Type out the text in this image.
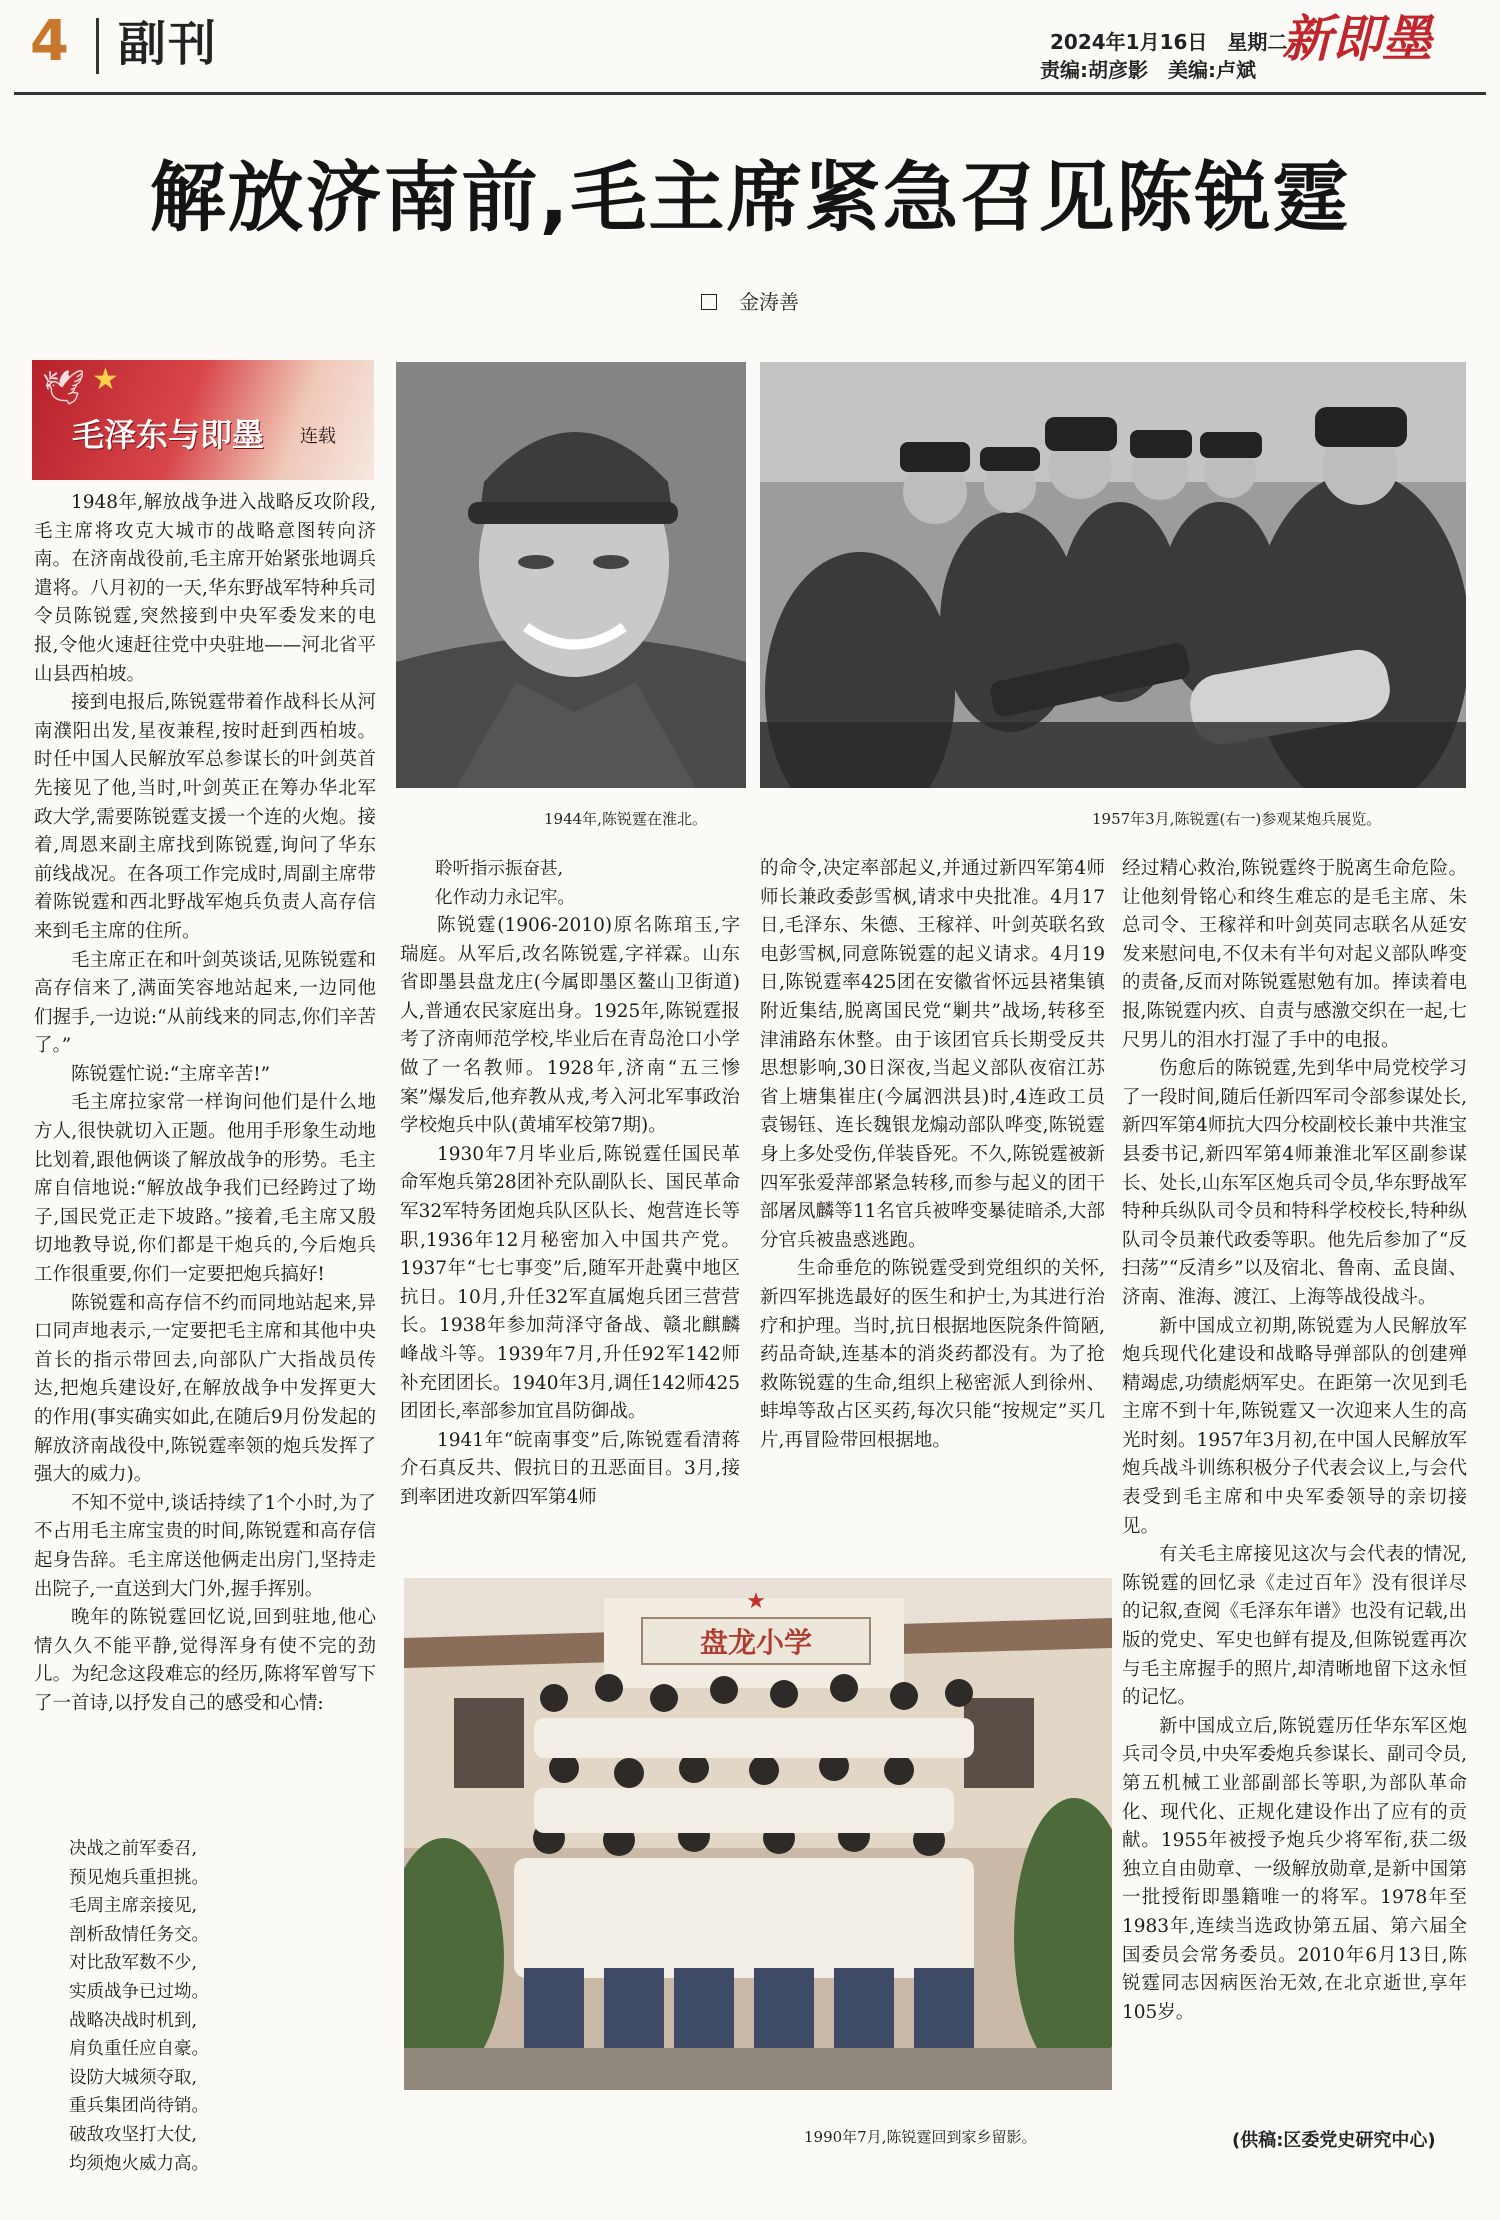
4 副刊	2024年1月16日　星期二
责编:胡彦影　美编:卢斌
新即墨
解放济南前,毛主席紧急召见陈锐霆
金涛善
🕊 ★
毛泽东与即墨 连载
1944年,陈锐霆在淮北。	1957年3月,陈锐霆(右一)参观某炮兵展览。

1948年,解放战争进入战略反攻阶段,毛主席将攻克大城市的战略意图转向济南。在济南战役前,毛主席开始紧张地调兵遣将。八月初的一天,华东野战军特种兵司令员陈锐霆,突然接到中央军委发来的电报,令他火速赶往党中央驻地——河北省平山县西柏坡。

接到电报后,陈锐霆带着作战科长从河南濮阳出发,星夜兼程,按时赶到西柏坡。时任中国人民解放军总参谋长的叶剑英首先接见了他,当时,叶剑英正在筹办华北军政大学,需要陈锐霆支援一个连的火炮。接着,周恩来副主席找到陈锐霆,询问了华东前线战况。在各项工作完成时,周副主席带着陈锐霆和西北野战军炮兵负责人高存信来到毛主席的住所。

毛主席正在和叶剑英谈话,见陈锐霆和高存信来了,满面笑容地站起来,一边同他们握手,一边说:“从前线来的同志,你们辛苦了。”

陈锐霆忙说:“主席辛苦!”

毛主席拉家常一样询问他们是什么地方人,很快就切入正题。他用手形象生动地比划着,跟他俩谈了解放战争的形势。毛主席自信地说:“解放战争我们已经跨过了坳子,国民党正走下坡路。”接着,毛主席又殷切地教导说,你们都是干炮兵的,今后炮兵工作很重要,你们一定要把炮兵搞好!

陈锐霆和高存信不约而同地站起来,异口同声地表示,一定要把毛主席和其他中央首长的指示带回去,向部队广大指战员传达,把炮兵建设好,在解放战争中发挥更大的作用(事实确实如此,在随后9月份发起的解放济南战役中,陈锐霆率领的炮兵发挥了强大的威力)。

不知不觉中,谈话持续了1个小时,为了不占用毛主席宝贵的时间,陈锐霆和高存信起身告辞。毛主席送他俩走出房门,坚持走出院子,一直送到大门外,握手挥别。

晚年的陈锐霆回忆说,回到驻地,他心情久久不能平静,觉得浑身有使不完的劲儿。为纪念这段难忘的经历,陈将军曾写下了一首诗,以抒发自己的感受和心情:

决战之前军委召,
预见炮兵重担挑。
毛周主席亲接见,
剖析敌情任务交。
对比敌军数不少,
实质战争已过坳。
战略决战时机到,
肩负重任应自豪。
设防大城须夺取,
重兵集团尚待销。
破敌攻坚打大仗,
均须炮火威力高。
聆听指示振奋甚,
化作动力永记牢。

陈锐霆(1906-2010)原名陈琯玉,字瑞庭。从军后,改名陈锐霆,字祥霖。山东省即墨县盘龙庄(今属即墨区鳌山卫街道)人,普通农民家庭出身。1925年,陈锐霆报考了济南师范学校,毕业后在青岛沧口小学做了一名教师。1928年,济南“五三惨案”爆发后,他弃教从戎,考入河北军事政治学校炮兵中队(黄埔军校第7期)。

1930年7月毕业后,陈锐霆任国民革命军炮兵第28团补充队副队长、国民革命军32军特务团炮兵队区队长、炮营连长等职,1936年12月秘密加入中国共产党。1937年“七七事变”后,随军开赴冀中地区抗日。10月,升任32军直属炮兵团三营营长。1938年参加菏泽守备战、赣北麒麟峰战斗等。1939年7月,升任92军142师补充团团长。1940年3月,调任142师425团团长,率部参加宜昌防御战。

1941年“皖南事变”后,陈锐霆看清蒋介石真反共、假抗日的丑恶面目。3月,接到率团进攻新四军第4师

的命令,决定率部起义,并通过新四军第4师师长兼政委彭雪枫,请求中央批准。4月17日,毛泽东、朱德、王稼祥、叶剑英联名致电彭雪枫,同意陈锐霆的起义请求。4月19日,陈锐霆率425团在安徽省怀远县褚集镇附近集结,脱离国民党“剿共”战场,转移至津浦路东休整。由于该团官兵长期受反共思想影响,30日深夜,当起义部队夜宿江苏省上塘集崔庄(今属泗洪县)时,4连政工员袁锡钰、连长魏银龙煽动部队哗变,陈锐霆身上多处受伤,佯装昏死。不久,陈锐霆被新四军张爱萍部紧急转移,而参与起义的团干部屠凤麟等11名官兵被哗变暴徒暗杀,大部分官兵被蛊惑逃跑。

生命垂危的陈锐霆受到党组织的关怀,新四军挑选最好的医生和护士,为其进行治疗和护理。当时,抗日根据地医院条件简陋,药品奇缺,连基本的消炎药都没有。为了抢救陈锐霆的生命,组织上秘密派人到徐州、蚌埠等敌占区买药,每次只能“按规定”买几片,再冒险带回根据地。

经过精心救治,陈锐霆终于脱离生命危险。让他刻骨铭心和终生难忘的是毛主席、朱总司令、王稼祥和叶剑英同志联名从延安发来慰问电,不仅未有半句对起义部队哗变的责备,反而对陈锐霆慰勉有加。捧读着电报,陈锐霆内疚、自责与感激交织在一起,七尺男儿的泪水打湿了手中的电报。

伤愈后的陈锐霆,先到华中局党校学习了一段时间,随后任新四军司令部参谋处长,新四军第4师抗大四分校副校长兼中共淮宝县委书记,新四军第4师兼淮北军区副参谋长、处长,山东军区炮兵司令员,华东野战军特种兵纵队司令员和特科学校校长,特种纵队司令员兼代政委等职。他先后参加了“反扫荡”“反清乡”以及宿北、鲁南、孟良崮、济南、淮海、渡江、上海等战役战斗。

新中国成立初期,陈锐霆为人民解放军炮兵现代化建设和战略导弹部队的创建殚精竭虑,功绩彪炳军史。在距第一次见到毛主席不到十年,陈锐霆又一次迎来人生的高光时刻。1957年3月初,在中国人民解放军炮兵战斗训练积极分子代表会议上,与会代表受到毛主席和中央军委领导的亲切接见。

有关毛主席接见这次与会代表的情况,陈锐霆的回忆录《走过百年》没有很详尽的记叙,查阅《毛泽东年谱》也没有记载,出版的党史、军史也鲜有提及,但陈锐霆再次与毛主席握手的照片,却清晰地留下这永恒的记忆。

新中国成立后,陈锐霆历任华东军区炮兵司令员,中央军委炮兵参谋长、副司令员,第五机械工业部副部长等职,为部队革命化、现代化、正规化建设作出了应有的贡献。1955年被授予炮兵少将军衔,获二级独立自由勋章、一级解放勋章,是新中国第一批授衔即墨籍唯一的将军。1978年至1983年,连续当选政协第五届、第六届全国委员会常务委员。2010年6月13日,陈锐霆同志因病医治无效,在北京逝世,享年105岁。

盘龙小学
★
1990年7月,陈锐霆回到家乡留影。	(供稿:区委党史研究中心)
